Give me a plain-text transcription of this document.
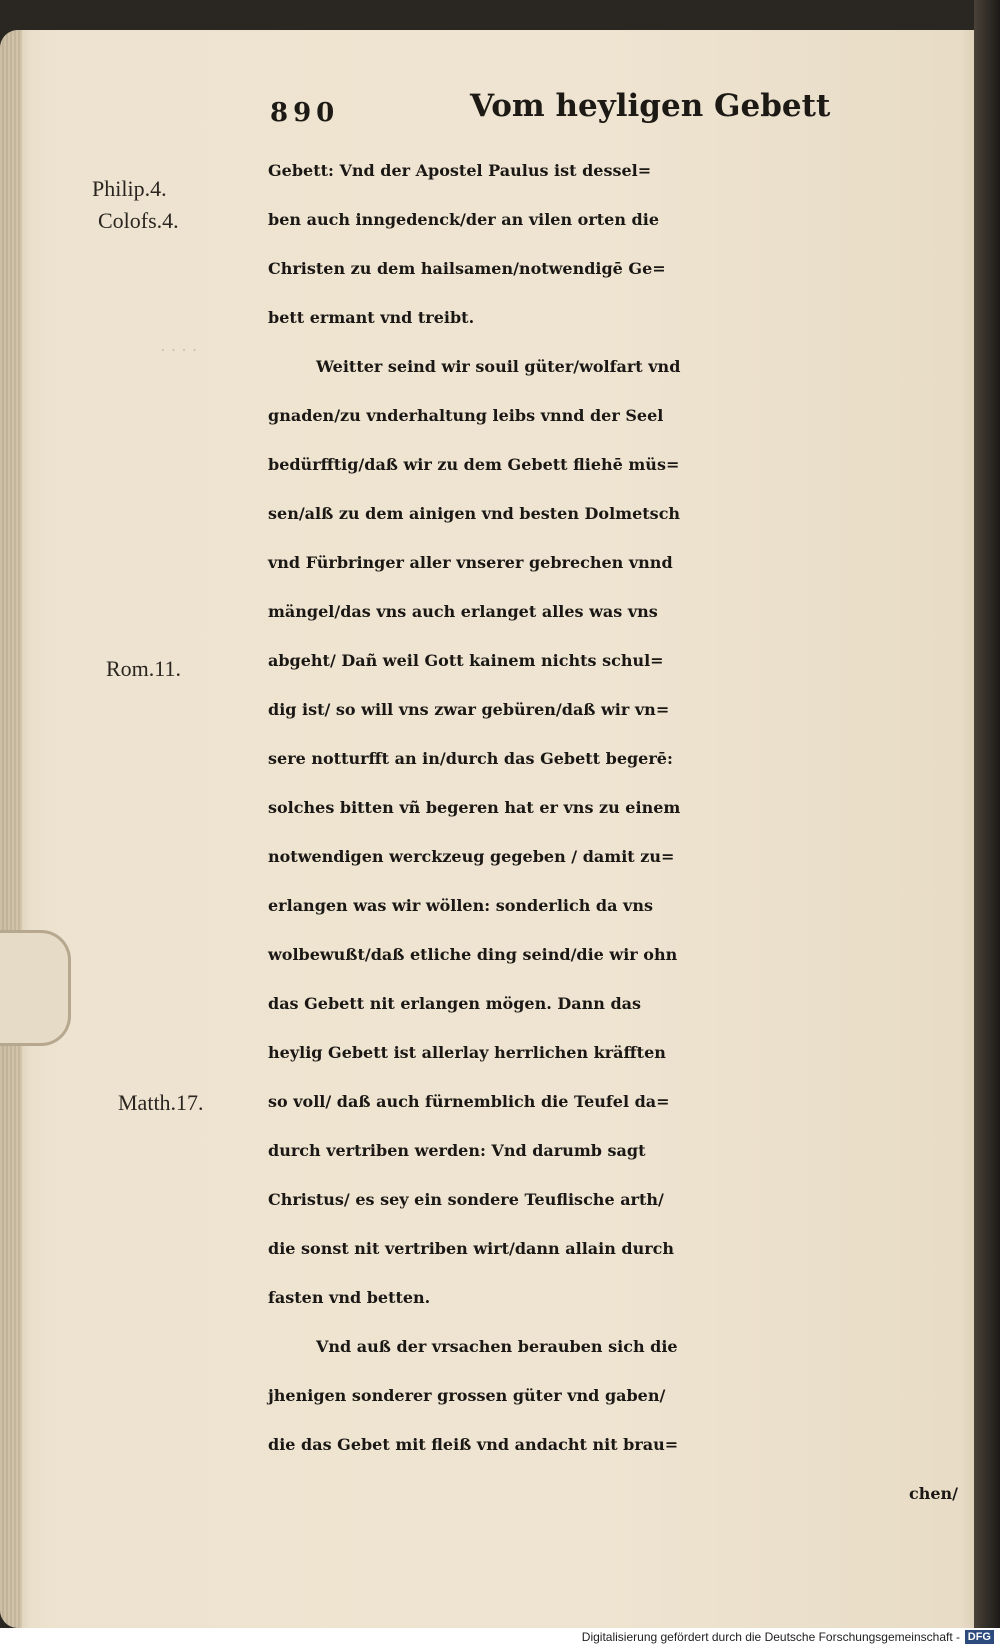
· · · ·
890	Vom heyligen Gebett
Philip.4.
Colofs.4.
Rom.11.
Matth.17.
Gebett: Vnd der Apostel Paulus ist dessel=
ben auch inngedenck/der an vilen orten die
Christen zu dem hailsamen/notwendigē Ge=
bett ermant vnd treibt.
Weitter seind wir souil güter/wolfart vnd
gnaden/zu vnderhaltung leibs vnnd der Seel
bedürfftig/daß wir zu dem Gebett fliehē müs=
sen/alß zu dem ainigen vnd besten Dolmetsch
vnd Fürbringer aller vnserer gebrechen vnnd
mängel/das vns auch erlanget alles was vns
abgeht/ Dañ weil Gott kainem nichts schul=
dig ist/ so will vns zwar gebüren/daß wir vn=
sere notturfft an in/durch das Gebett begerē:
solches bitten vñ begeren hat er vns zu einem
notwendigen werckzeug gegeben / damit zu=
erlangen was wir wöllen: sonderlich da vns
wolbewußt/daß etliche ding seind/die wir ohn
das Gebett nit erlangen mögen. Dann das
heylig Gebett ist allerlay herrlichen kräfften
so voll/ daß auch fürnemblich die Teufel da=
durch vertriben werden: Vnd darumb sagt
Christus/ es sey ein sondere Teuflische arth/
die sonst nit vertriben wirt/dann allain durch
fasten vnd betten.
Vnd auß der vrsachen berauben sich die
jhenigen sonderer grossen güter vnd gaben/
die das Gebet mit fleiß vnd andacht nit brau=
chen/
Digitalisierung gefördert durch die Deutsche Forschungsgemeinschaft - DFG
